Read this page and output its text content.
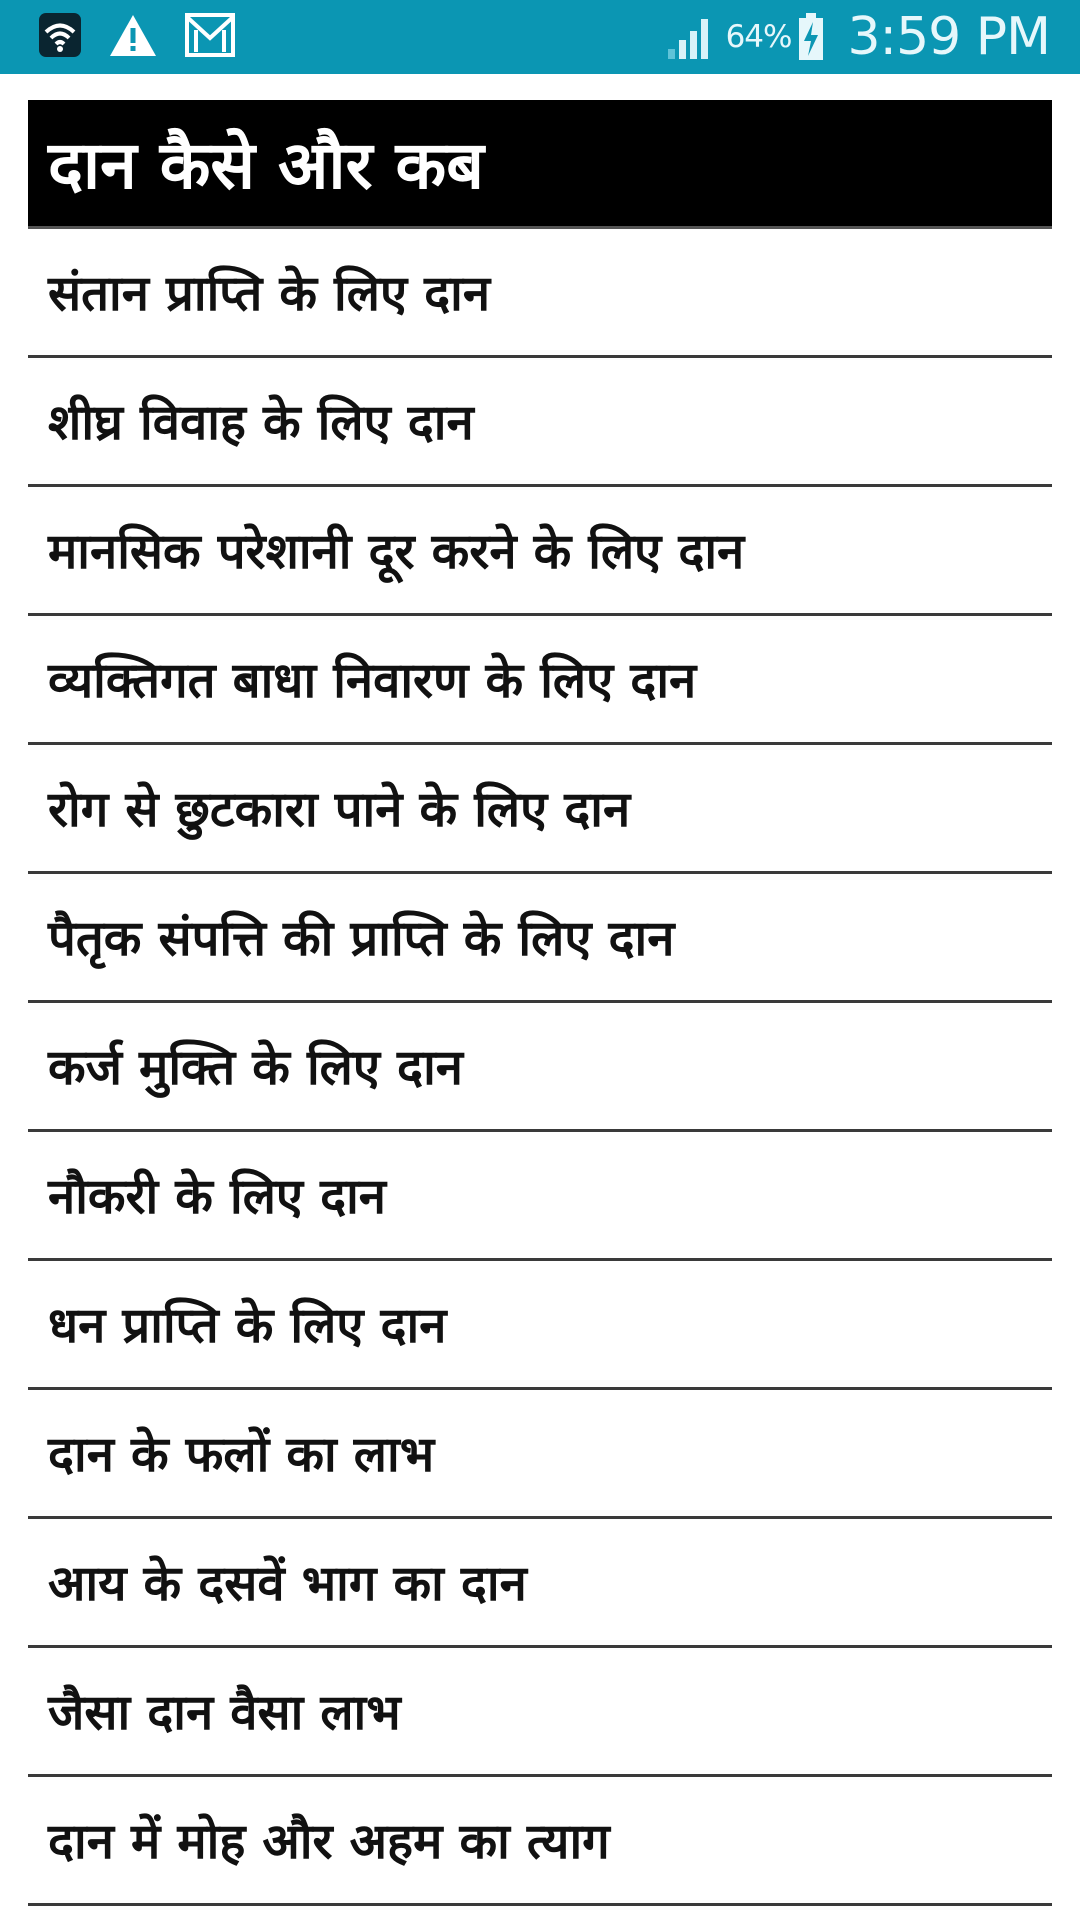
64% 3:59 PM
दान कैसे और कब
संतान प्राप्ति के लिए दान
शीघ्र विवाह के लिए दान
मानसिक परेशानी दूर करने के लिए दान
व्यक्तिगत बाधा निवारण के लिए दान
रोग से छुटकारा पाने के लिए दान
पैतृक संपत्ति की प्राप्ति के लिए दान
कर्ज मुक्ति के लिए दान
नौकरी के लिए दान
धन प्राप्ति के लिए दान
दान के फलों का लाभ
आय के दसवें भाग का दान
जैसा दान वैसा लाभ
दान में मोह और अहम का त्याग
